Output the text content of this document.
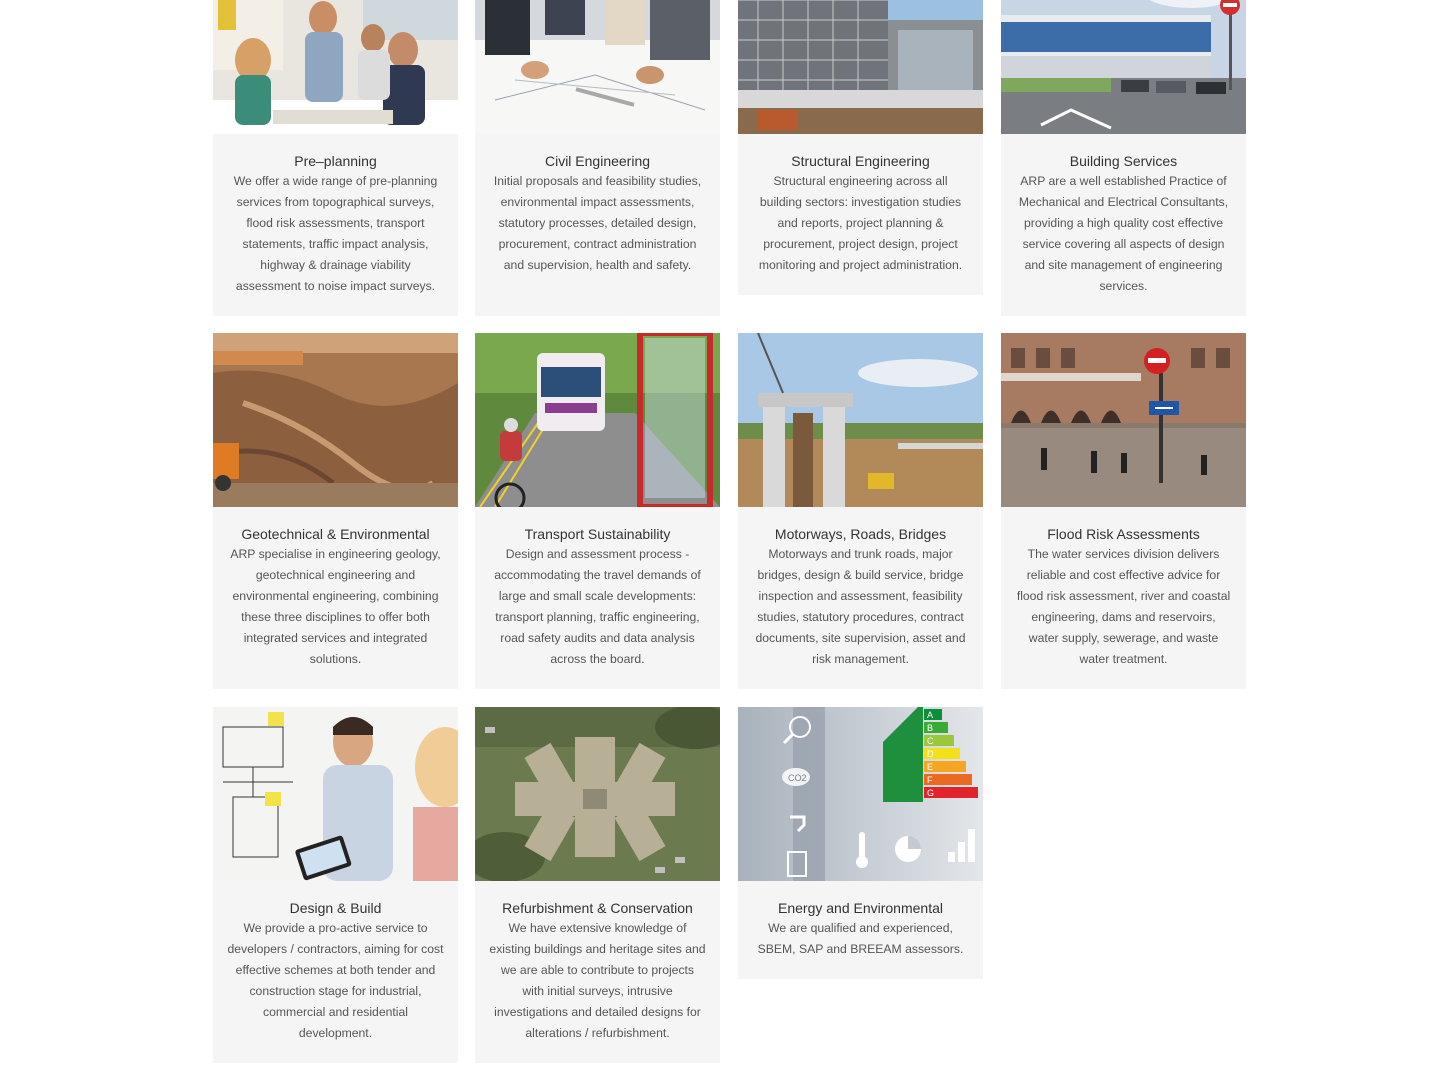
Pre–planning

We offer a wide range of pre-planning services from topographical surveys, flood risk assessments, transport statements, traffic impact analysis, highway & drainage viability assessment to noise impact surveys.

Civil Engineering

Initial proposals and feasibility studies, environmental impact assessments, statutory processes, detailed design, procurement, contract administration and supervision, health and safety.

Structural Engineering

Structural engineering across all building sectors: investigation studies and reports, project planning & procurement, project design, project monitoring and project administration.

Building Services

ARP are a well established Practice of Mechanical and Electrical Consultants, providing a high quality cost effective service covering all aspects of design and site management of engineering services.

Geotechnical & Environmental

ARP specialise in engineering geology, geotechnical engineering and environmental engineering, combining these three disciplines to offer both integrated services and integrated solutions.

Transport Sustainability

Design and assessment process - accommodating the travel demands of large and small scale developments: transport planning, traffic engineering, road safety audits and data analysis across the board.

Motorways, Roads, Bridges

Motorways and trunk roads, major bridges, design & build service, bridge inspection and assessment, feasibility studies, statutory procedures, contract documents, site supervision, asset and risk management.

Flood Risk Assessments

The water services division delivers reliable and cost effective advice for flood risk assessment, river and coastal engineering, dams and reservoirs, water supply, sewerage, and waste water treatment.

Design & Build

We provide a pro-active service to developers / contractors, aiming for cost effective schemes at both tender and construction stage for industrial, commercial and residential development.

Refurbishment & Conservation

We have extensive knowledge of existing buildings and heritage sites and we are able to contribute to projects with initial surveys, intrusive investigations and detailed designs for alterations / refurbishment.

CO2
A
B
C
D
E
F
G

Energy and Environmental

We are qualified and experienced, SBEM, SAP and BREEAM assessors.
